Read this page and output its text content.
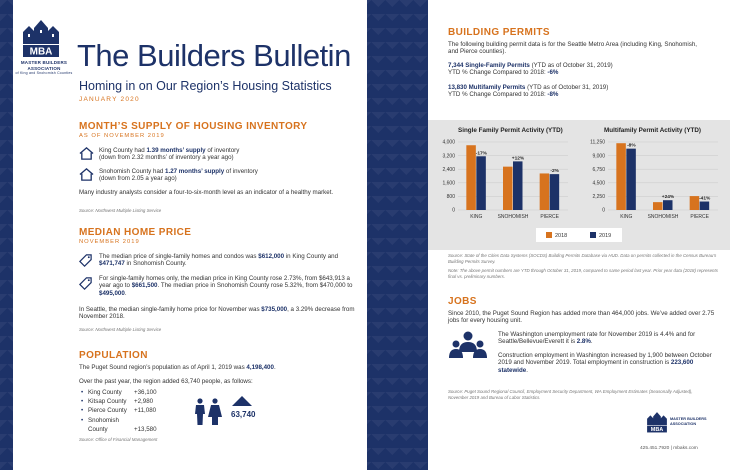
MBA
MASTER BUILDERS
ASSOCIATION
of King and Snohomish Counties The Builders Bulletin
Homing in on Our Region’s Housing Statistics
JANUARY 2020
MONTH’S SUPPLY OF HOUSING INVENTORY
AS OF NOVEMBER 2019
King County had 1.39 months’ supply of inventory
(down from 2.32 months’ of inventory a year ago)
Snohomish County had 1.27 months’ supply of inventory
(down from 2.05 a year ago)
Many industry analysts consider a four-to-six-month level as an indicator of a healthy market.
Source: Northwest Multiple Listing Service
MEDIAN HOME PRICE
NOVEMBER 2019
The median price of single-family homes and condos was $612,000 in King County and $471,747 in Snohomish County.
For single-family homes only, the median price in King County rose 2.73%, from $643,913 a year ago to $661,500. The median price in Snohomish County rose 5.32%, from $470,000 to $495,000.
In Seattle, the median single-family home price for November was $735,000, a 3.29% decrease from November 2018.
Source: Northwest Multiple Listing Service
POPULATION
The Puget Sound region’s population as of April 1, 2019 was 4,198,400.
Over the past year, the region added 63,740 people, as follows:
• King County +36,100
• Kitsap County +2,980
• Pierce County +11,080
• Snohomish County	+13,580
63,740
Source: Office of Financial Management
BUILDING PERMITS
The following building permit data is for the Seattle Metro Area (including King, Snohomish, and Pierce counties).
7,344 Single-Family Permits (YTD as of October 31, 2019)
YTD % Change Compared to 2018: -6%
13,830 Multifamily Permits (YTD as of October 31, 2019)
YTD % Change Compared to 2018: -8%
Single Family Permit Activity (YTD)
0
800
1,600
2,400
3,200
4,000
-17%
KING
+12%
SNOHOMISH
-2%
PIERCE
Multifamily Permit Activity (YTD)
0
2,250
4,500
6,750
9,000
11,250
-8%
KING
+24%
SNOHOMISH
-41%
PIERCE
2018	2019
Source: State of the Cities Data Systems (SOCDS) Building Permits Database via HUD. Data on permits collected in the Census Bureau’s Building Permits Survey.
Note: The above permit numbers are YTD through October 31, 2019, compared to same period last year. Prior year data (2018) represents final vs. preliminary numbers.
JOBS
Since 2010, the Puget Sound Region has added more than 464,000 jobs. We’ve added over 2.75 jobs for every housing unit.
The Washington unemployment rate for November 2019 is 4.4% and for Seattle/Bellevue/Everett it is 2.8%.
Construction employment in Washington increased by 1,900 between October 2019 and November 2019. Total employment in construction is 223,600 statewide.
Source: Puget Sound Regional Council, Employment Security Department, WA Employment Estimates (Seasonally Adjusted), November 2019 and Bureau of Labor Statistics.
MBA
MASTER BUILDERS
ASSOCIATION
425.451.7920 | mbaks.com
